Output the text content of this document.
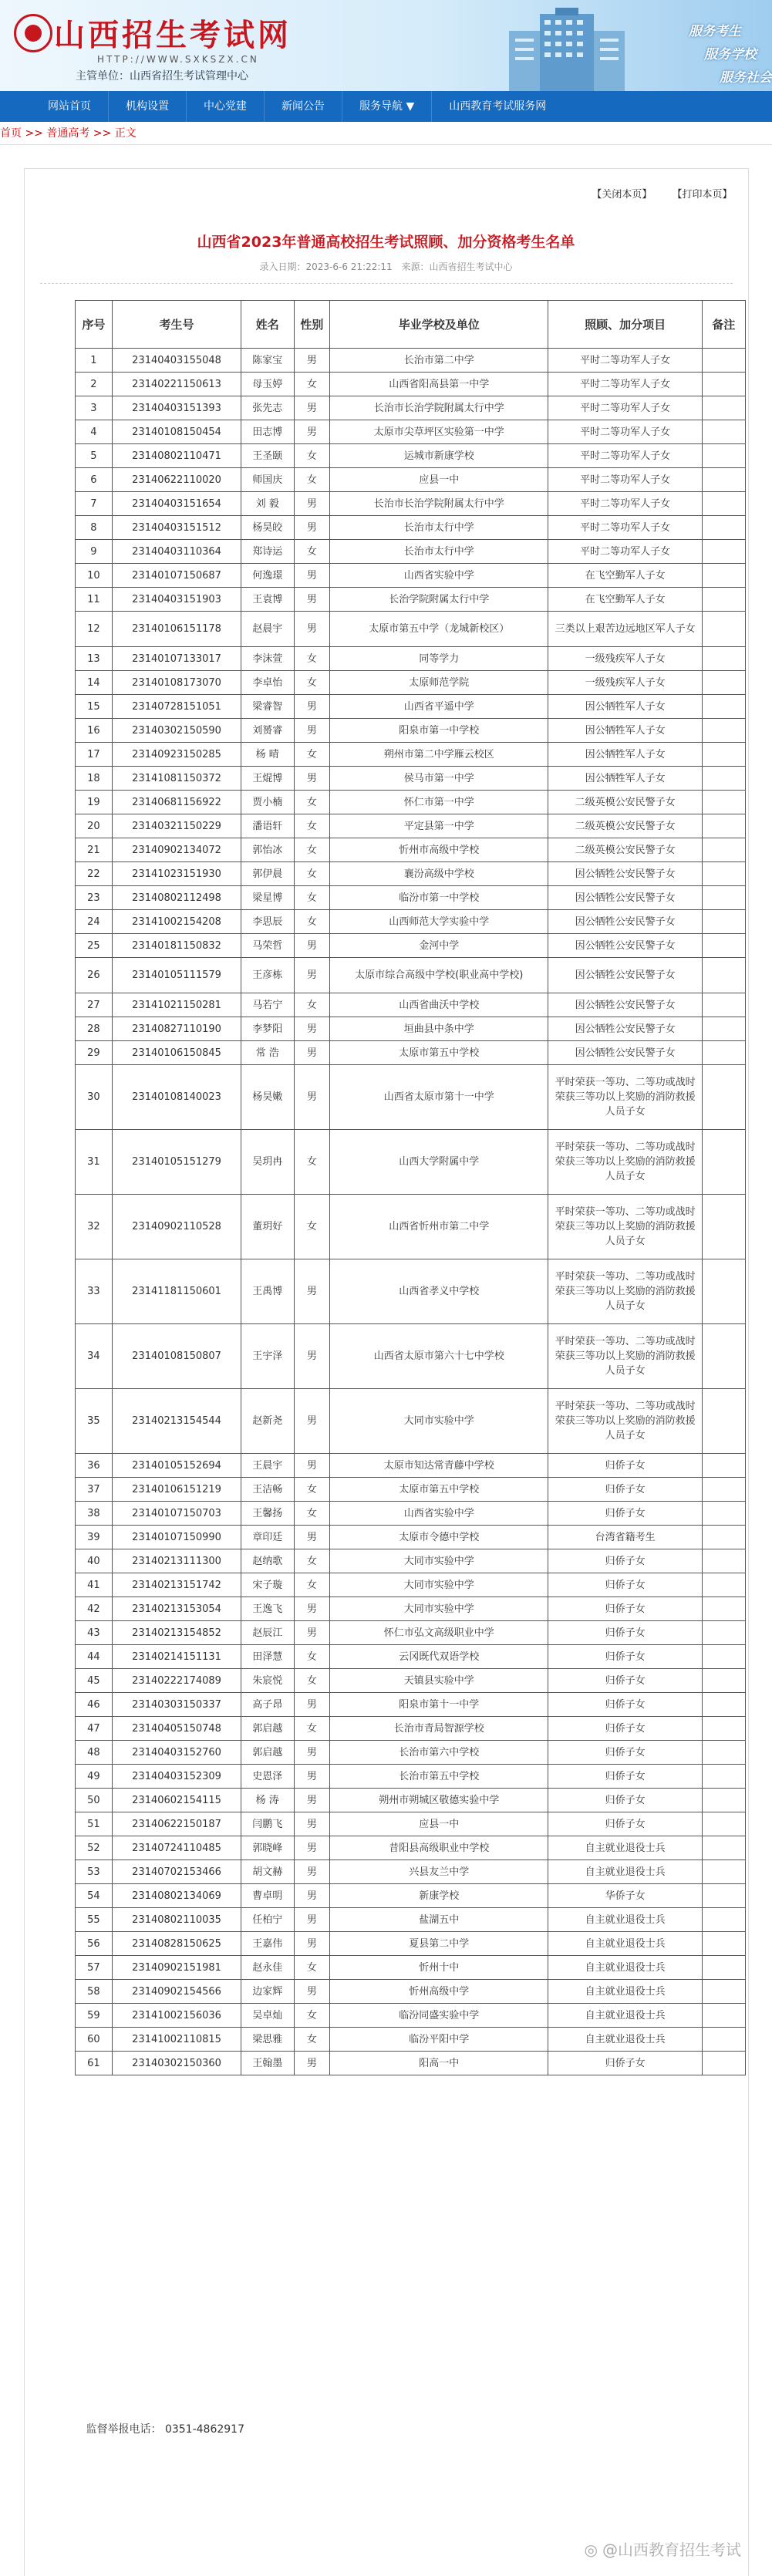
山西招生考试网
HTTP://WWW.SXKSZX.CN
主管单位：山西省招生考试管理中心
服务考生
服务学校
服务社会
网站首页	机构设置	中心党建	新闻公告	服务导航 ▼	山西教育考试服务网
首页 >> 普通高考 >> 正文
【关闭本页】 【打印本页】
山西省2023年普通高校招生考试照顾、加分资格考生名单
录入日期：2023-6-6 21:22:11 来源：山西省招生考试中心
序号	考生号	姓名	性别	毕业学校及单位	照顾、加分项目	备注
1	23140403155048	陈家宝	男	长治市第二中学	平时二等功军人子女	
2	23140221150613	母玉婷	女	山西省阳高县第一中学	平时二等功军人子女	
3	23140403151393	张先志	男	长治市长治学院附属太行中学	平时二等功军人子女	
4	23140108150454	田志博	男	太原市尖草坪区实验第一中学	平时二等功军人子女	
5	23140802110471	王圣颐	女	运城市新康学校	平时二等功军人子女	
6	23140622110020	师国庆	女	应县一中	平时二等功军人子女	
7	23140403151654	刘 毅	男	长治市长治学院附属太行中学	平时二等功军人子女	
8	23140403151512	杨昊皎	男	长治市太行中学	平时二等功军人子女	
9	23140403110364	郑诗运	女	长治市太行中学	平时二等功军人子女	
10	23140107150687	何逸璟	男	山西省实验中学	在飞空勤军人子女	
11	23140403151903	王袁博	男	长治学院附属太行中学	在飞空勤军人子女	
12	23140106151178	赵晨宇	男	太原市第五中学（龙城新校区）	三类以上艰苦边远地区军人子女	
13	23140107133017	李沫萱	女	同等学力	一级残疾军人子女	
14	23140108173070	李卓怡	女	太原师范学院	一级残疾军人子女	
15	23140728151051	梁睿智	男	山西省平遥中学	因公牺牲军人子女	
16	23140302150590	刘赟睿	男	阳泉市第一中学校	因公牺牲军人子女	
17	23140923150285	杨 晴	女	朔州市第二中学雁云校区	因公牺牲军人子女	
18	23141081150372	王焜博	男	侯马市第一中学	因公牺牲军人子女	
19	23140681156922	贾小楠	女	怀仁市第一中学	二级英模公安民警子女	
20	23140321150229	潘语轩	女	平定县第一中学	二级英模公安民警子女	
21	23140902134072	郭怡冰	女	忻州市高级中学校	二级英模公安民警子女	
22	23141023151930	郭伊晨	女	襄汾高级中学校	因公牺牲公安民警子女	
23	23140802112498	梁星博	女	临汾市第一中学校	因公牺牲公安民警子女	
24	23141002154208	李思辰	女	山西师范大学实验中学	因公牺牲公安民警子女	
25	23140181150832	马荣哲	男	金河中学	因公牺牲公安民警子女	
26	23140105111579	王彦栋	男	太原市综合高级中学校(职业高中学校)	因公牺牲公安民警子女	
27	23141021150281	马若宁	女	山西省曲沃中学校	因公牺牲公安民警子女	
28	23140827110190	李梦阳	男	垣曲县中条中学	因公牺牲公安民警子女	
29	23140106150845	常 浩	男	太原市第五中学校	因公牺牲公安民警子女	
30	23140108140023	杨昊嫩	男	山西省太原市第十一中学	平时荣获一等功、二等功或战时荣获三等功以上奖励的消防救援人员子女	
31	23140105151279	吴玥冉	女	山西大学附属中学	平时荣获一等功、二等功或战时荣获三等功以上奖励的消防救援人员子女	
32	23140902110528	董玥好	女	山西省忻州市第二中学	平时荣获一等功、二等功或战时荣获三等功以上奖励的消防救援人员子女	
33	23141181150601	王禹博	男	山西省孝义中学校	平时荣获一等功、二等功或战时荣获三等功以上奖励的消防救援人员子女	
34	23140108150807	王宇泽	男	山西省太原市第六十七中学校	平时荣获一等功、二等功或战时荣获三等功以上奖励的消防救援人员子女	
35	23140213154544	赵新尧	男	大同市实验中学	平时荣获一等功、二等功或战时荣获三等功以上奖励的消防救援人员子女	
36	23140105152694	王晨宇	男	太原市知达常青藤中学校	归侨子女	
37	23140106151219	王洁畅	女	太原市第五中学校	归侨子女	
38	23140107150703	王馨扬	女	山西省实验中学	归侨子女	
39	23140107150990	章印廷	男	太原市令德中学校	台湾省籍考生	
40	23140213111300	赵纳歌	女	大同市实验中学	归侨子女	
41	23140213151742	宋子璇	女	大同市实验中学	归侨子女	
42	23140213153054	王逸飞	男	大同市实验中学	归侨子女	
43	23140213154852	赵辰江	男	怀仁市弘文高级职业中学	归侨子女	
44	23140214151131	田泽慧	女	云冈既代双语学校	归侨子女	
45	23140222174089	朱宸悦	女	天镇县实验中学	归侨子女	
46	23140303150337	高子昂	男	阳泉市第十一中学	归侨子女	
47	23140405150748	郭启越	女	长治市青局智源学校	归侨子女	
48	23140403152760	郭启越	男	长治市第六中学校	归侨子女	
49	23140403152309	史恩泽	男	长治市第五中学校	归侨子女	
50	23140602154115	杨 涛	男	朔州市朔城区敬德实验中学	归侨子女	
51	23140622150187	闫鹏飞	男	应县一中	归侨子女	
52	23140724110485	郭晓峰	男	昔阳县高级职业中学校	自主就业退役士兵	
53	23140702153466	胡文赫	男	兴县友兰中学	自主就业退役士兵	
54	23140802134069	曹卓明	男	新康学校	华侨子女	
55	23140802110035	任柏宁	男	盐湖五中	自主就业退役士兵	
56	23140828150625	王嘉伟	男	夏县第二中学	自主就业退役士兵	
57	23140902151981	赵永佳	女	忻州十中	自主就业退役士兵	
58	23140902154566	边家辉	男	忻州高级中学	自主就业退役士兵	
59	23141002156036	吴卓灿	女	临汾同盛实验中学	自主就业退役士兵	
60	23141002110815	梁思雅	女	临汾平阳中学	自主就业退役士兵	
61	23140302150360	王翰墨	男	阳高一中	归侨子女	
监督举报电话： 0351-4862917
◎ @山西教育招生考试
